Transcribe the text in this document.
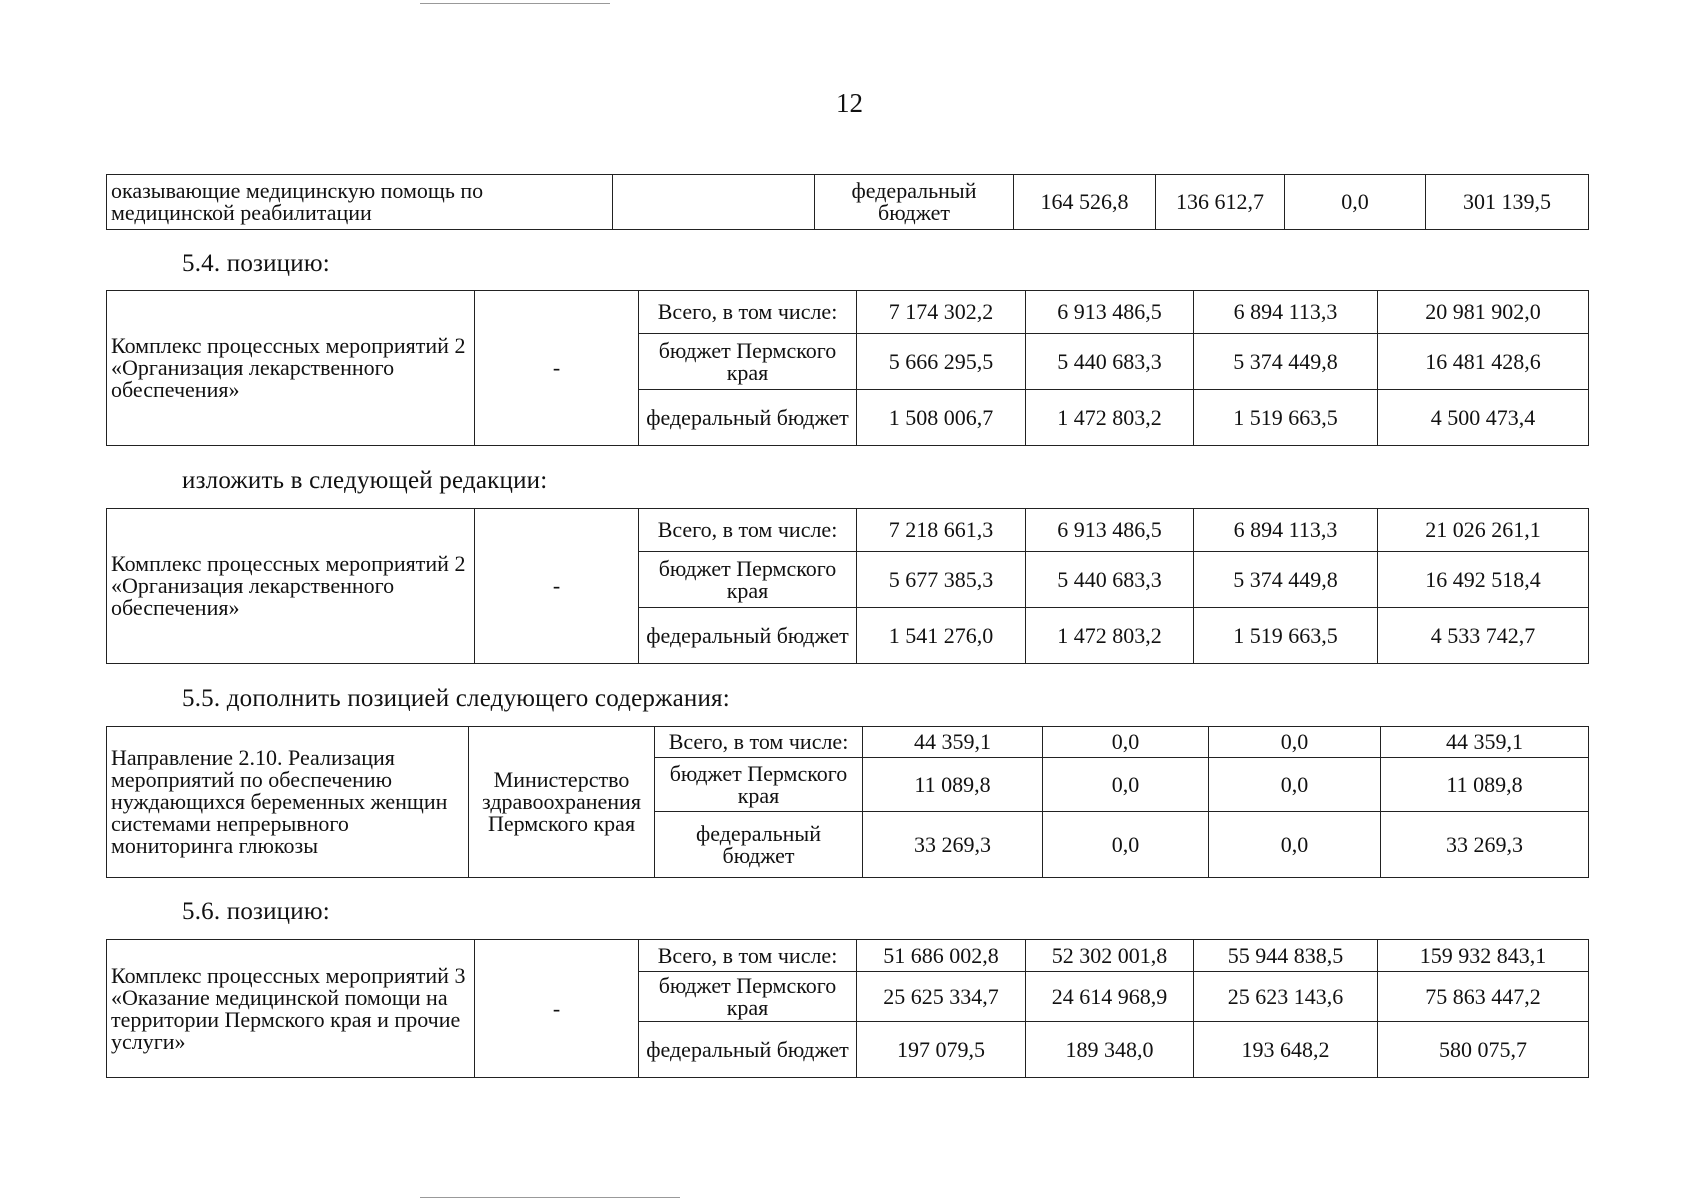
12
оказывающие медицинскую помощь по медицинской реабилитации		федеральный бюджет	164 526,8	136 612,7	0,0	301 139,5
5.4. позицию:
Комплекс процессных мероприятий 2 «Организация лекарственного обеспечения»	-	Всего, в том числе:	7 174 302,2	6 913 486,5	6 894 113,3	20 981 902,0
		бюджет Пермского края	5 666 295,5	5 440 683,3	5 374 449,8	16 481 428,6
		федеральный бюджет	1 508 006,7	1 472 803,2	1 519 663,5	4 500 473,4
изложить в следующей редакции:
Комплекс процессных мероприятий 2 «Организация лекарственного обеспечения»	-	Всего, в том числе:	7 218 661,3	6 913 486,5	6 894 113,3	21 026 261,1
		бюджет Пермского края	5 677 385,3	5 440 683,3	5 374 449,8	16 492 518,4
		федеральный бюджет	1 541 276,0	1 472 803,2	1 519 663,5	4 533 742,7
5.5. дополнить позицией следующего содержания:
Направление 2.10. Реализация мероприятий по обеспечению нуждающихся беременных женщин системами непрерывного мониторинга глюкозы	Министерство здравоохранения Пермского края	Всего, в том числе:	44 359,1	0,0	0,0	44 359,1
		бюджет Пермского края	11 089,8	0,0	0,0	11 089,8
		федеральный бюджет	33 269,3	0,0	0,0	33 269,3
5.6. позицию:
Комплекс процессных мероприятий 3 «Оказание медицинской помощи на территории Пермского края и прочие услуги»	-	Всего, в том числе:	51 686 002,8	52 302 001,8	55 944 838,5	159 932 843,1
		бюджет Пермского края	25 625 334,7	24 614 968,9	25 623 143,6	75 863 447,2
		федеральный бюджет	197 079,5	189 348,0	193 648,2	580 075,7
